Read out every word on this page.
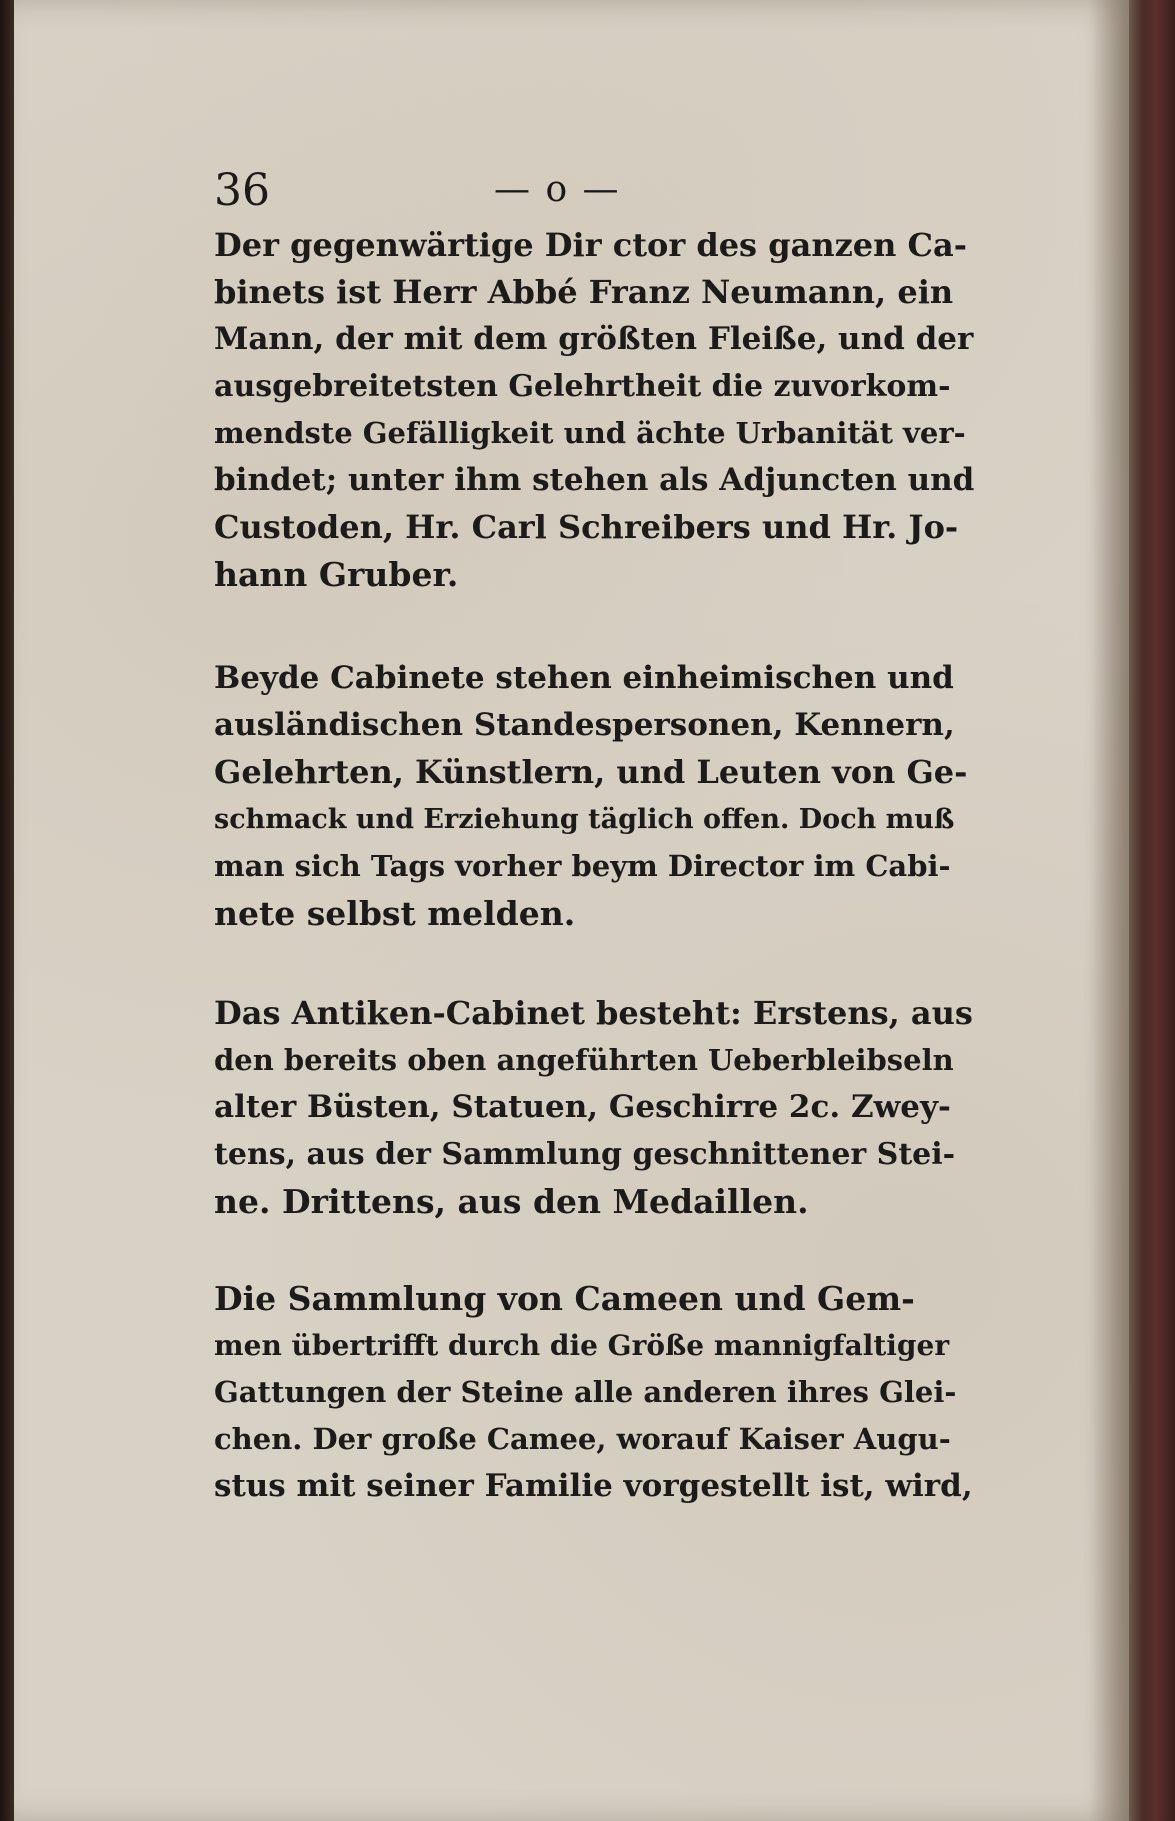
36	— o —
Der gegenwärtige Dir ctor des ganzen Ca-
binets ist Herr Abbé Franz Neumann, ein
Mann, der mit dem größten Fleiße, und der
ausgebreitetsten Gelehrtheit die zuvorkom-
mendste Gefälligkeit und ächte Urbanität ver-
bindet; unter ihm stehen als Adjuncten und
Custoden, Hr. Carl Schreibers und Hr. Jo-
hann Gruber.
Beyde Cabinete stehen einheimischen und
ausländischen Standespersonen, Kennern,
Gelehrten, Künstlern, und Leuten von Ge-
schmack und Erziehung täglich offen. Doch muß
man sich Tags vorher beym Director im Cabi-
nete selbst melden.
Das Antiken-Cabinet besteht: Erstens, aus
den bereits oben angeführten Ueberbleibseln
alter Büsten, Statuen, Geschirre 2c. Zwey-
tens, aus der Sammlung geschnittener Stei-
ne. Drittens, aus den Medaillen.
Die Sammlung von Cameen und Gem-
men übertrifft durch die Größe mannigfaltiger
Gattungen der Steine alle anderen ihres Glei-
chen. Der große Camee, worauf Kaiser Augu-
stus mit seiner Familie vorgestellt ist, wird,
